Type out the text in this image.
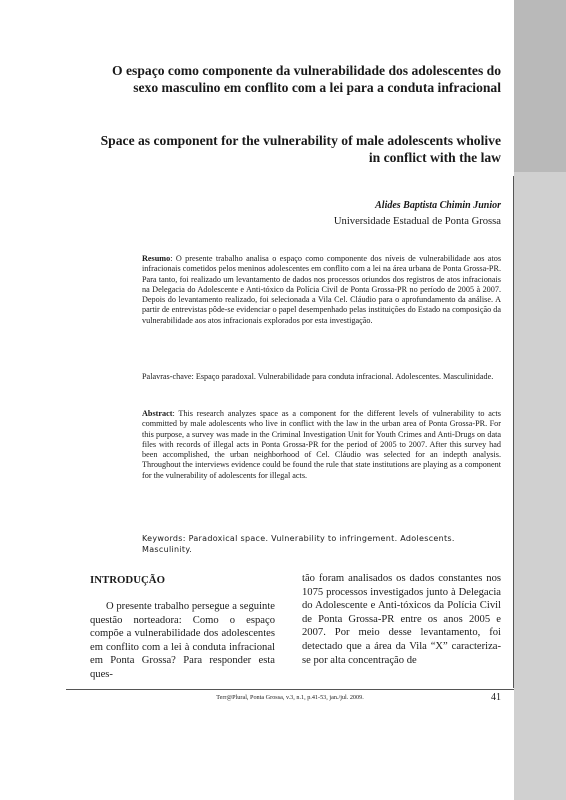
O espaço como componente da vulnerabilidade dos adolescentes do sexo masculino em conflito com a lei para a conduta infracional
Space as component for the vulnerability of male adolescents wholive in conflict with the law
Alides Baptista Chimin Junior
Universidade Estadual de Ponta Grossa

Resumo: O presente trabalho analisa o espaço como componente dos níveis de vulnerabilidade aos atos infracionais cometidos pelos meninos adolescentes em conflito com a lei na área urbana de Ponta Grossa-PR. Para tanto, foi realizado um levantamento de dados nos processos oriundos dos registros de atos infracionais na Delegacia do Adolescente e Anti-tóxico da Polícia Civil de Ponta Grossa-PR no período de 2005 à 2007. Depois do levantamento realizado, foi selecionada a Vila Cel. Cláudio para o aprofundamento da análise. A partir de entrevistas pôde-se evidenciar o papel desempenhado pelas instituições do Estado na composição da vulnerabilidade aos atos infracionais explorados por esta investigação.

Palavras-chave: Espaço paradoxal. Vulnerabilidade para conduta infracional. Adolescentes. Masculinidade.

Abstract: This research analyzes space as a component for the different levels of vulnerability to acts committed by male adolescents who live in conflict with the law in the urban area of Ponta Grossa-PR. For this purpose, a survey was made in the Criminal Investigation Unit for Youth Crimes and Anti-Drugs on data files with records of illegal acts in Ponta Grossa-PR for the period of 2005 to 2007. After this survey had been accomplished, the urban neighborhood of Cel. Cláudio was selected for an indepth analysis. Throughout the interviews evidence could be found the rule that state institutions are playing as a component for the vulnerability of adolescents for illegal acts.

Keywords: Paradoxical space. Vulnerability to infringement. Adolescents. Masculinity.

INTRODUÇÃO

O presente trabalho persegue a seguinte questão norteadora: Como o espaço compõe a vulnerabilidade dos adolescentes em conflito com a lei à conduta infracional em Ponta Grossa? Para responder esta ques-

tão foram analisados os dados constantes nos 1075 processos investigados junto à Delegacia do Adolescente e Anti-tóxicos da Polícia Civil de Ponta Grossa-PR entre os anos 2005 e 2007. Por meio desse levantamento, foi detectado que a área da Vila “X” caracteriza-se por alta concentração de

Terr@Plural, Ponta Grossa, v.3, n.1, p.41-53, jan./jul. 2009.	41
